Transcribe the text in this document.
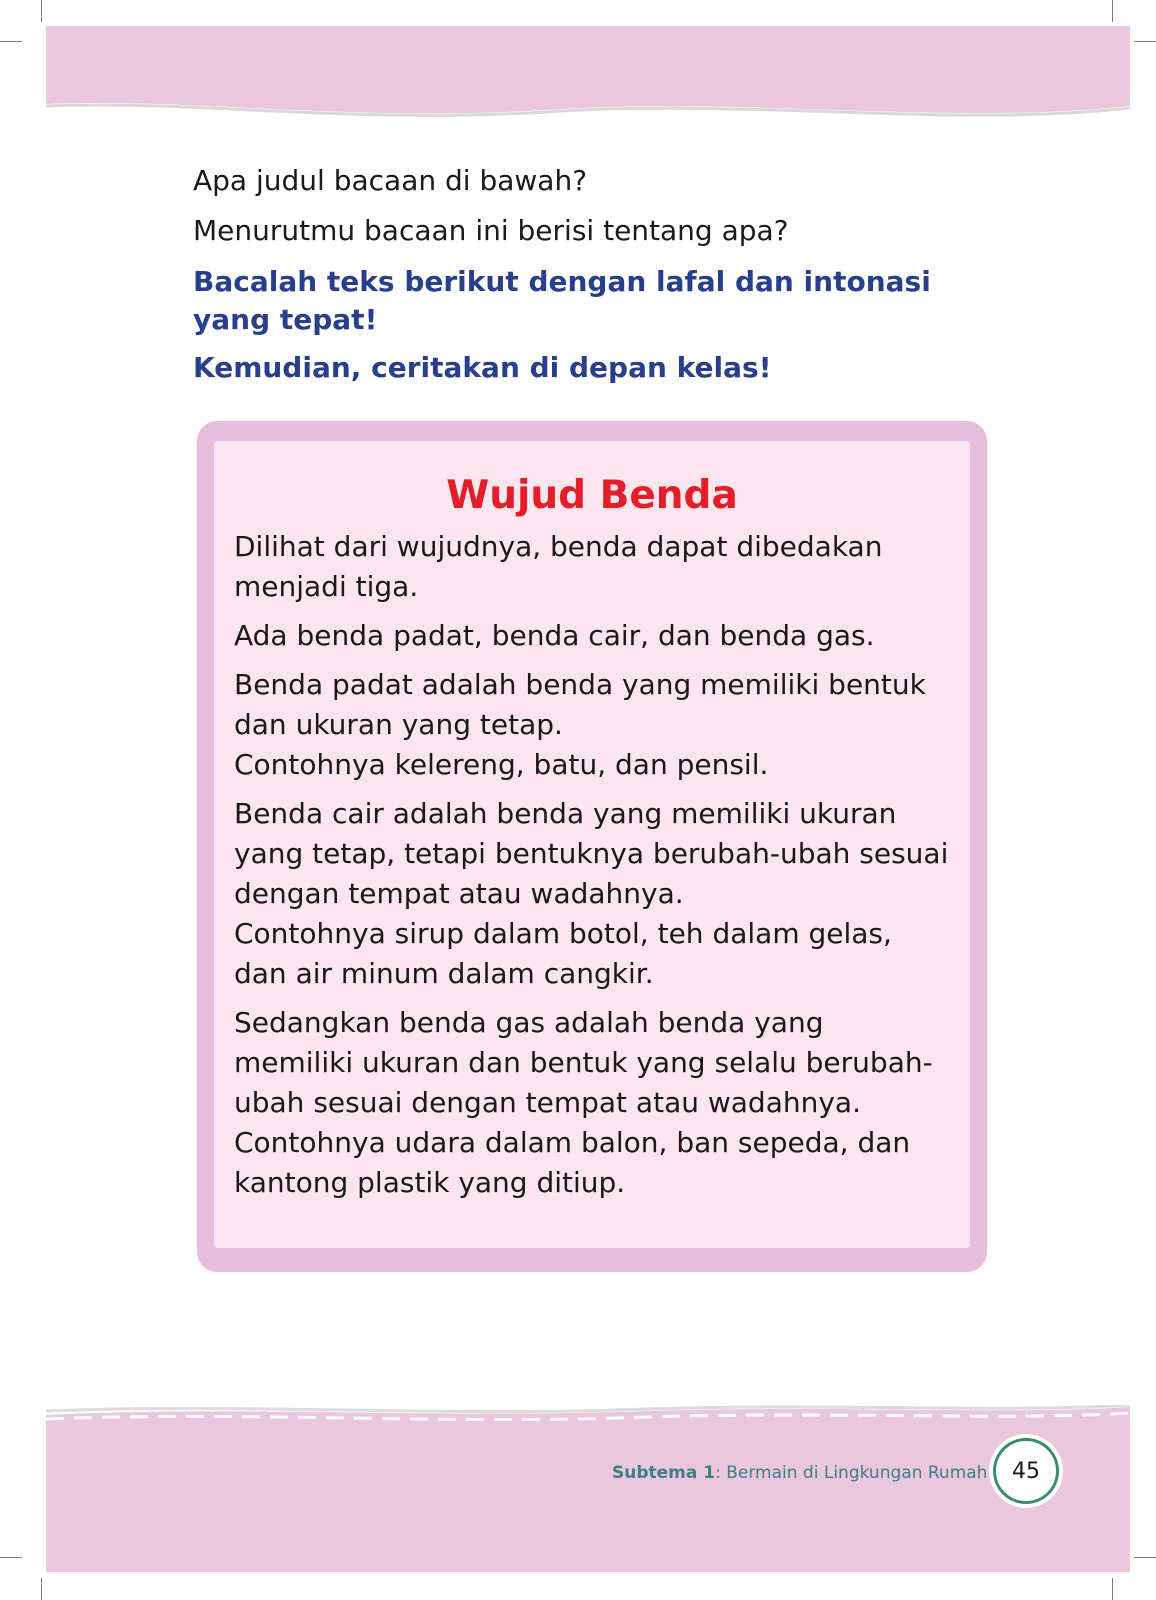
Apa judul bacaan di bawah?

Menurutmu bacaan ini berisi tentang apa?

Bacalah teks berikut dengan lafal dan intonasi yang tepat!

Kemudian, ceritakan di depan kelas!

Wujud Benda

Dilihat dari wujudnya, benda dapat dibedakan menjadi tiga.

Ada benda padat, benda cair, dan benda gas.

Benda padat adalah benda yang memiliki bentuk dan ukuran yang tetap.

Contohnya kelereng, batu, dan pensil.

Benda cair adalah benda yang memiliki ukuran yang tetap, tetapi bentuknya berubah-ubah sesuai dengan tempat atau wadahnya.

Contohnya sirup dalam botol, teh dalam gelas, dan air minum dalam cangkir.

Sedangkan benda gas adalah benda yang memiliki ukuran dan bentuk yang selalu berubah-ubah sesuai dengan tempat atau wadahnya.

Contohnya udara dalam balon, ban sepeda, dan kantong plastik yang ditiup.

Subtema 1: Bermain di Lingkungan Rumah	45
